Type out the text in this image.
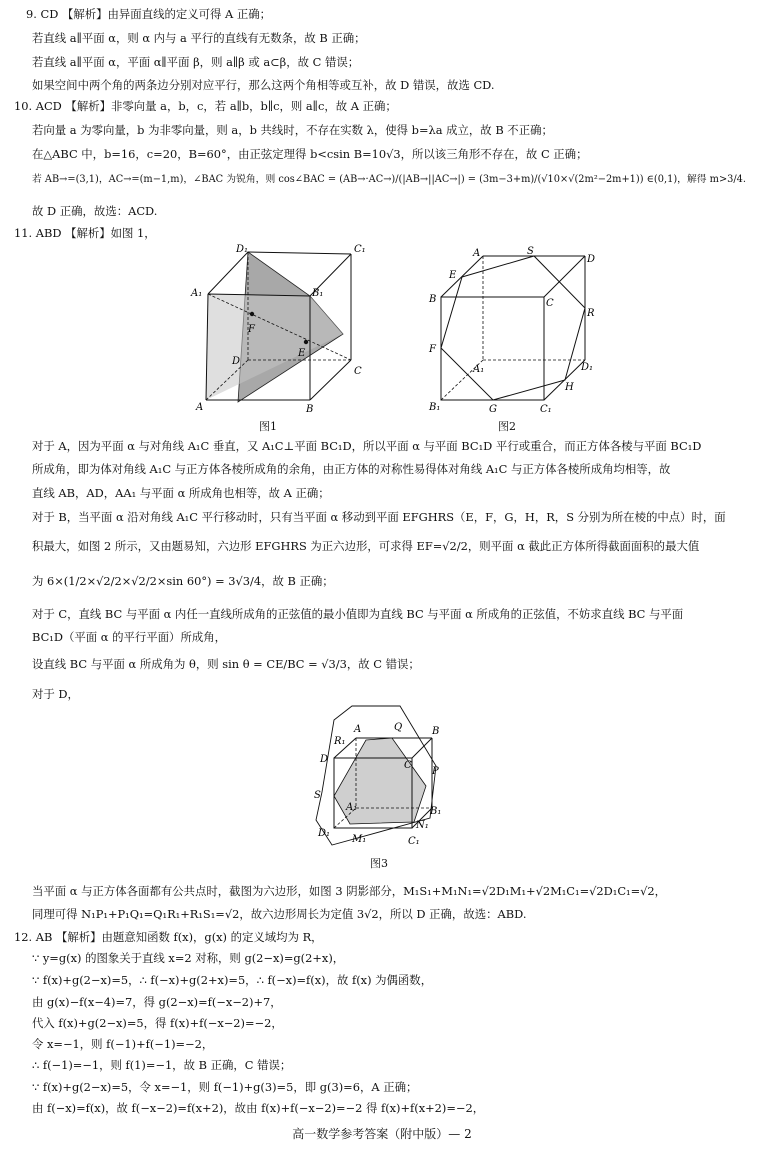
9. CD 【解析】由异面直线的定义可得 A 正确；
若直线 a∥平面 α，则 α 内与 a 平行的直线有无数条，故 B 正确；
若直线 a∥平面 α，平面 α∥平面 β，则 a∥β 或 a⊂β，故 C 错误；
如果空间中两个角的两条边分别对应平行，那么这两个角相等或互补，故 D 错误，故选 CD.
10. ACD 【解析】非零向量 a，b，c，若 a∥b，b∥c，则 a∥c，故 A 正确；
若向量 a 为零向量，b 为非零向量，则 a，b 共线时，不存在实数 λ，使得 b=λa 成立，故 B 不正确；
在△ABC 中，b=16，c=20，B=60°，由正弦定理得 b<csin B=10√3，所以该三角形不存在，故 C 正确；
若 AB→=(3,1)，AC→=(m−1,m)，∠BAC 为锐角，则 cos∠BAC = (AB→·AC→)/(|AB→||AC→|) = (3m−3+m)/(√10×√(2m²−2m+1)) ∈(0,1)，解得 m>3/4.
故 D 正确，故选：ACD.
11. ABD 【解析】如图 1，
对于 A，因为平面 α 与对角线 A₁C 垂直，又 A₁C⊥平面 BC₁D，所以平面 α 与平面 BC₁D 平行或重合，而正方体各棱与平面 BC₁D
所成角，即为体对角线 A₁C 与正方体各棱所成角的余角，由正方体的对称性易得体对角线 A₁C 与正方体各棱所成角均相等，故
直线 AB，AD，AA₁ 与平面 α 所成角也相等，故 A 正确；
对于 B，当平面 α 沿对角线 A₁C 平行移动时，只有当平面 α 移动到平面 EFGHRS（E，F，G，H，R，S 分别为所在棱的中点）时，面
积最大，如图 2 所示，又由题易知，六边形 EFGHRS 为正六边形，可求得 EF=√2/2，则平面 α 截此正方体所得截面面积的最大值
为 6×(1/2×√2/2×√2/2×sin 60°) = 3√3/4，故 B 正确；
对于 C，直线 BC 与平面 α 内任一直线所成角的正弦值的最小值即为直线 BC 与平面 α 所成角的正弦值，不妨求直线 BC 与平面
BC₁D（平面 α 的平行平面）所成角，
设直线 BC 与平面 α 所成角为 θ，则 sin θ = CE/BC = √3/3，故 C 错误；
对于 D，
当平面 α 与正方体各面都有公共点时，截图为六边形，如图 3 阴影部分，M₁S₁+M₁N₁=√2D₁M₁+√2M₁C₁=√2D₁C₁=√2，
同理可得 N₁P₁+P₁Q₁=Q₁R₁+R₁S₁=√2，故六边形周长为定值 3√2，所以 D 正确，故选：ABD.
12. AB 【解析】由题意知函数 f(x)，g(x) 的定义域均为 R，
∵ y=g(x) 的图象关于直线 x=2 对称，则 g(2−x)=g(2+x)，
∵ f(x)+g(2−x)=5，∴ f(−x)+g(2+x)=5，∴ f(−x)=f(x)，故 f(x) 为偶函数，
由 g(x)−f(x−4)=7，得 g(2−x)=f(−x−2)+7，
代入 f(x)+g(2−x)=5，得 f(x)+f(−x−2)=−2，
令 x=−1，则 f(−1)+f(−1)=−2，
∴ f(−1)=−1，则 f(1)=−1，故 B 正确，C 错误；
∵ f(x)+g(2−x)=5，令 x=−1，则 f(−1)+g(3)=5，即 g(3)=6，A 正确；
由 f(−x)=f(x)，故 f(−x−2)=f(x+2)，故由 f(x)+f(−x−2)=−2 得 f(x)+f(x+2)=−2，
D₁	C₁
A₁	B₁
F
D
E
C
A	B
图1
A	S
D
E
B	C
R
F
A₁	D₁
H
B₁	G	C₁
图2
A	Q	B
R₁
D
C
P
S
A₁	B₁
D₁
N₁
M₁	C₁
图3
高一数学参考答案（附中版）— 2
